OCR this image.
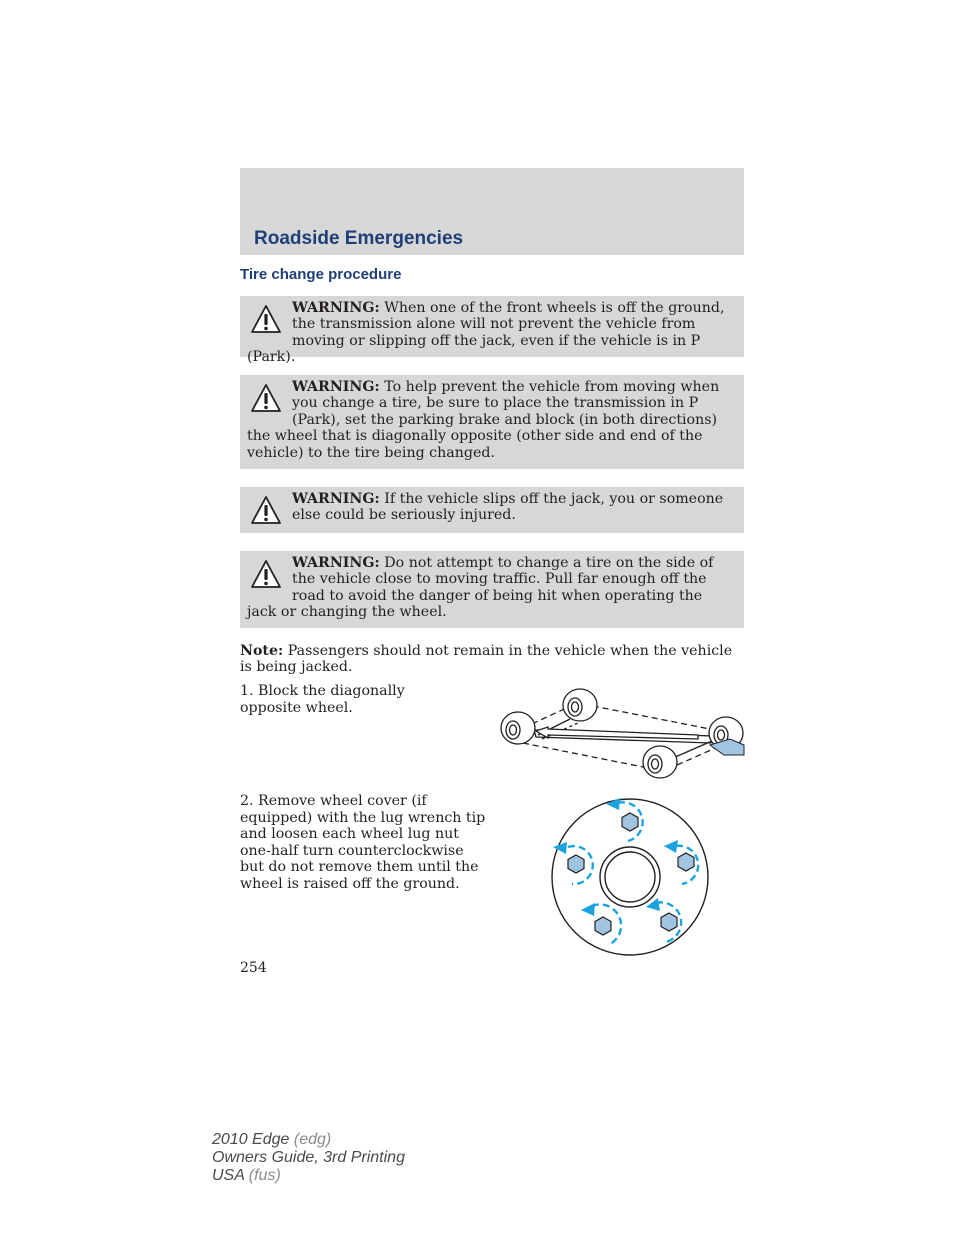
Roadside Emergencies
Tire change procedure
WARNING: When one of the front wheels is off the ground, the transmission alone will not prevent the vehicle from moving or slipping off the jack, even if the vehicle is in P (Park).
WARNING: To help prevent the vehicle from moving when you change a tire, be sure to place the transmission in P (Park), set the parking brake and block (in both directions) the wheel that is diagonally opposite (other side and end of the vehicle) to the tire being changed.
WARNING: If the vehicle slips off the jack, you or someone else could be seriously injured.
WARNING: Do not attempt to change a tire on the side of the vehicle close to moving traffic. Pull far enough off the road to avoid the danger of being hit when operating the jack or changing the wheel.
Note: Passengers should not remain in the vehicle when the vehicle is being jacked.
1. Block the diagonally opposite wheel.
2. Remove wheel cover (if equipped) with the lug wrench tip and loosen each wheel lug nut one-half turn counterclockwise but do not remove them until the wheel is raised off the ground.
254
2010 Edge (edg)
Owners Guide, 3rd Printing
USA (fus)
